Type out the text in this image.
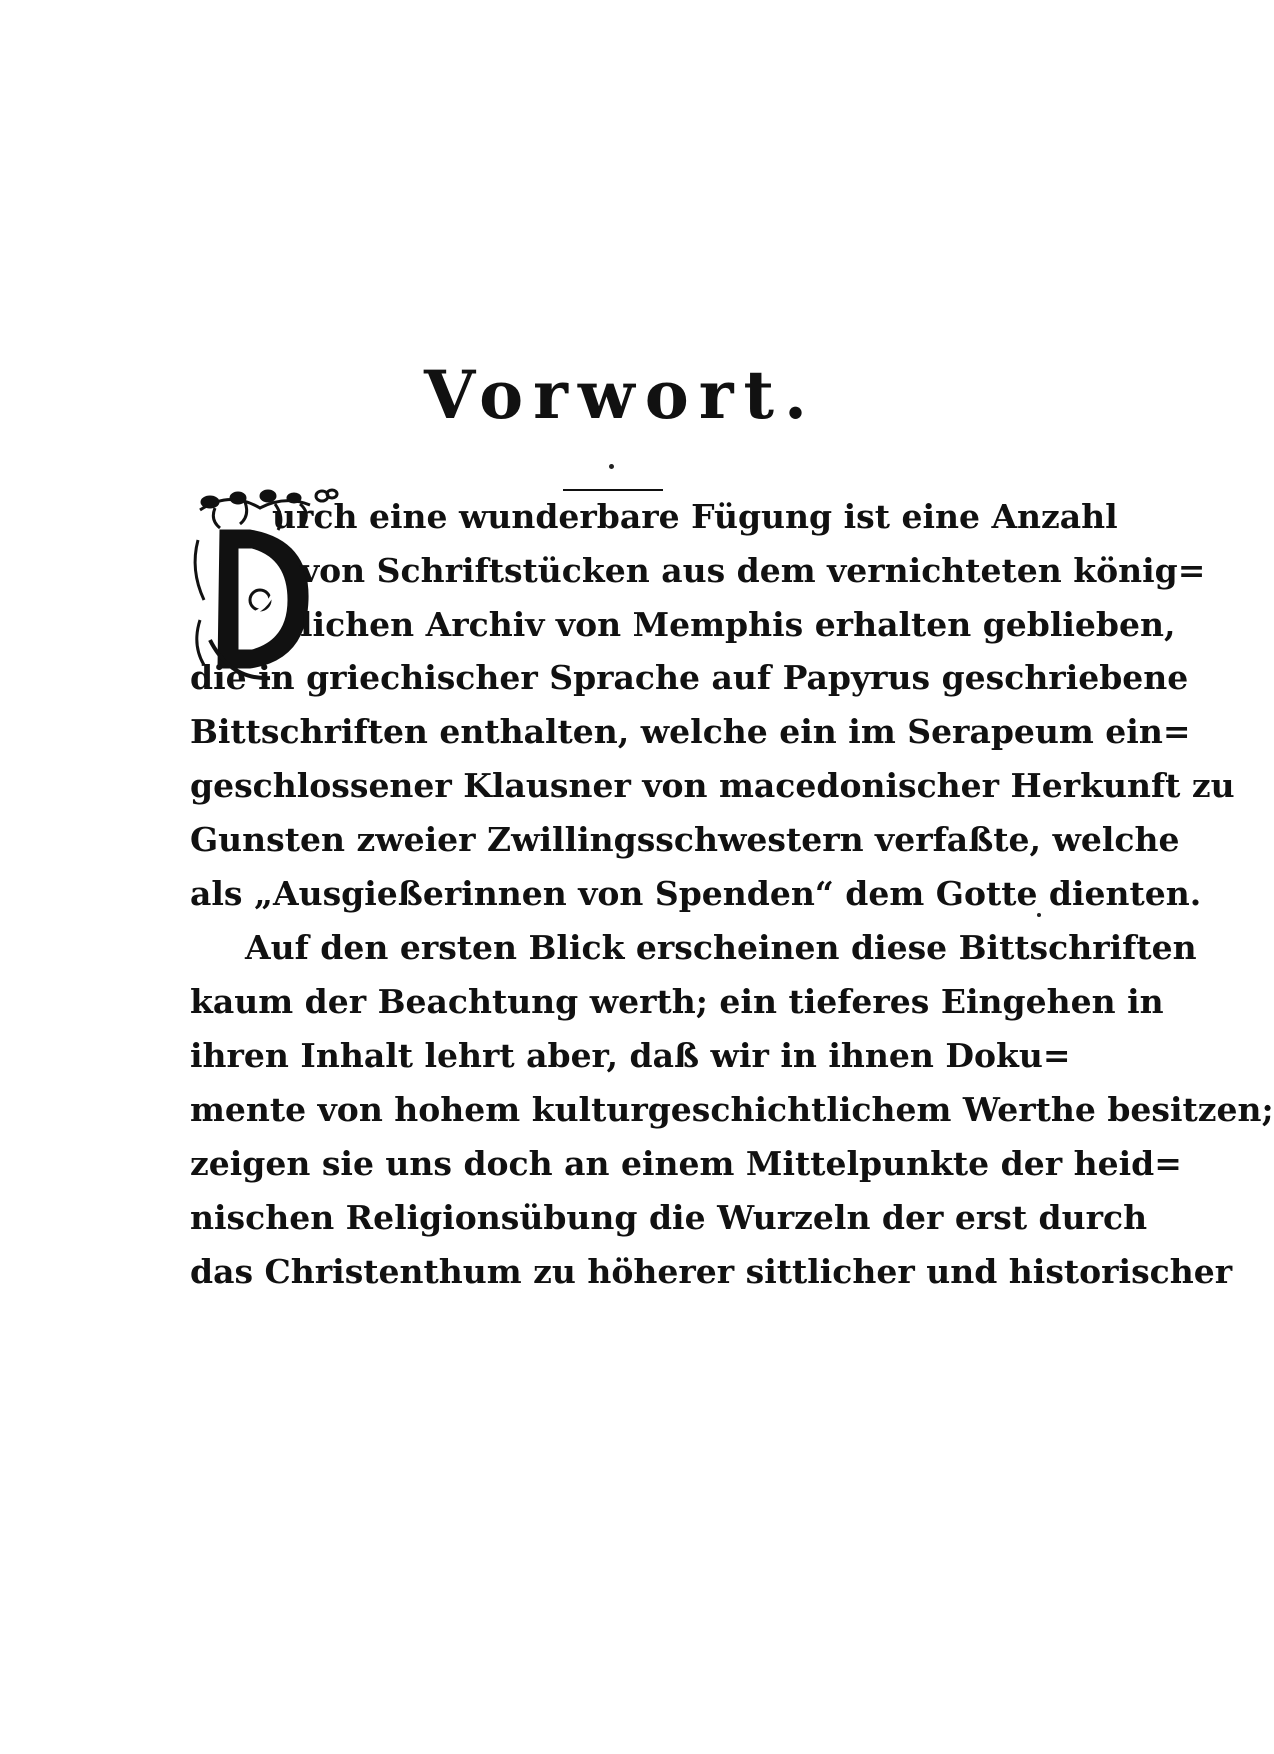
Vorwort.
D
urch eine wunderbare Fügung ist eine Anzahl
von Schriftstücken aus dem vernichteten könig=
lichen Archiv von Memphis erhalten geblieben,
die in griechischer Sprache auf Papyrus geschriebene
Bittschriften enthalten, welche ein im Serapeum ein=
geschlossener Klausner von macedonischer Herkunft zu
Gunsten zweier Zwillingsschwestern verfaßte, welche
als „Ausgießerinnen von Spenden“ dem Gotte dienten.
Auf den ersten Blick erscheinen diese Bittschriften
kaum der Beachtung werth; ein tieferes Eingehen in
ihren Inhalt lehrt aber, daß wir in ihnen Doku=
mente von hohem kulturgeschichtlichem Werthe besitzen;
zeigen sie uns doch an einem Mittelpunkte der heid=
nischen Religionsübung die Wurzeln der erst durch
das Christenthum zu höherer sittlicher und historischer
